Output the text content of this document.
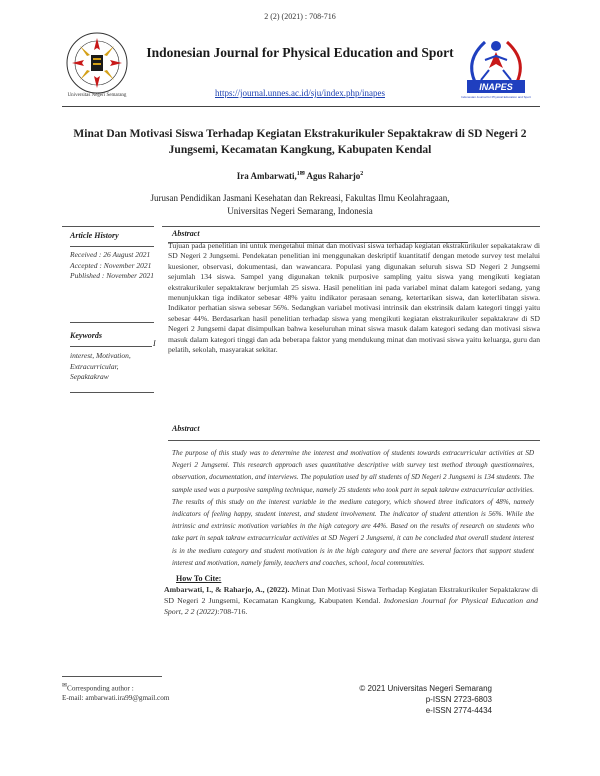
2 (2) (2021) : 708-716
Universitas Negeri Semarang
Indonesian Journal for Physical Education and Sport
https://journal.unnes.ac.id/sju/index.php/inapes
INAPES
Indonesian Journal for Physical Education and Sport
Minat Dan Motivasi Siswa Terhadap Kegiatan Ekstrakurikuler Sepaktakraw di SD Negeri 2 Jungsemi, Kecamatan Kangkung, Kabupaten Kendal
Ira Ambarwati,$^{1✉}$ Agus Raharjo$^2$
Jurusan Pendidikan Jasmani Kesehatan dan Rekreasi, Fakultas Ilmu Keolahragaan,
Universitas Negeri Semarang, Indonesia
Article History
Received : 26 August 2021
Accepted : November 2021
Published : November 2021
Keywords
I
interest, Motivation, Extracurricular, Sepaktakraw
Abstract
Tujuan pada penelitian ini untuk mengetahui minat dan motivasi siswa terhadap kegiatan ekstrakurikuler sepakatakraw di SD Negeri 2 Jungsemi. Pendekatan penelitian ini menggunakan deskriptif kuantitatif dengan metode survey test melalui kuesioner, observasi, dokumentasi, dan wawancara. Populasi yang digunakan seluruh siswa SD Negeri 2 Jungsemi sejumlah 134 siswa. Sampel yang digunakan teknik purposive sampling yaitu siswa yang mengikuti kegiatan ekstrakurikuler sepaktakraw berjumlah 25 siswa. Hasil penelitian ini pada variabel minat dalam kategori sedang, yang menunjukkan tiga indikator sebesar 48% yaitu indikator perasaan senang, ketertarikan siswa, dan keterlibatan siswa. Indikator perhatian siswa sebesar 56%. Sedangkan variabel motivasi intrinsik dan ekstrinsik dalam kategori tinggi yaitu sebesar 44%. Berdasarkan hasil penelitian terhadap siswa yang mengikuti kegiatan ekstrakurikuler sepaktakraw di SD Negeri 2 Jungsemi dapat disimpulkan bahwa keseluruhan minat siswa masuk dalam kategori sedang dan motivasi siswa masuk dalam kategori tinggi dan ada beberapa faktor yang mendukung minat dan motivasi siswa yaitu keluarga, guru dan pelatih, sekolah, masyarakat sekitar.
Abstract
The purpose of this study was to determine the interest and motivation of students towards extracurricular activities at SD Negeri 2 Jungsemi. This research approach uses quantitative descriptive with survey test method through questionnaires, observation, documentation, and interviews. The population used by all students of SD Negeri 2 Jungsemi is 134 students. The sample used was a purposive sampling technique, namely 25 students who took part in sepak takraw extracurricular activities. The results of this study on the interest variable in the medium category, which showed three indicators of 48%, namely indicators of feeling happy, student interest, and student involvement. The indicator of student attention is 56%. While the intrinsic and extrinsic motivation variables in the high category are 44%. Based on the results of research on students who take part in sepak takraw extracurricular activities at SD Negeri 2 Jungsemi, it can be concluded that overall student interest is in the medium category and student motivation is in the high category and there are several factors that support student interest and motivation, namely family, teachers and coaches, school, local communities.
How To Cite:
Ambarwati, I., & Raharjo, A., (2022). Minat Dan Motivasi Siswa Terhadap Kegiatan Ekstrakurikuler Sepaktakraw di SD Negeri 2 Jungsemi, Kecamatan Kangkung, Kabupaten Kendal. Indonesian Journal for Physical Education and Sport, 2 2 (2022):708-716.
✉Corresponding author :
E-mail: ambarwati.ira99@gmail.com
© 2021 Universitas Negeri Semarang
p-ISSN 2723-6803
e-ISSN 2774-4434
